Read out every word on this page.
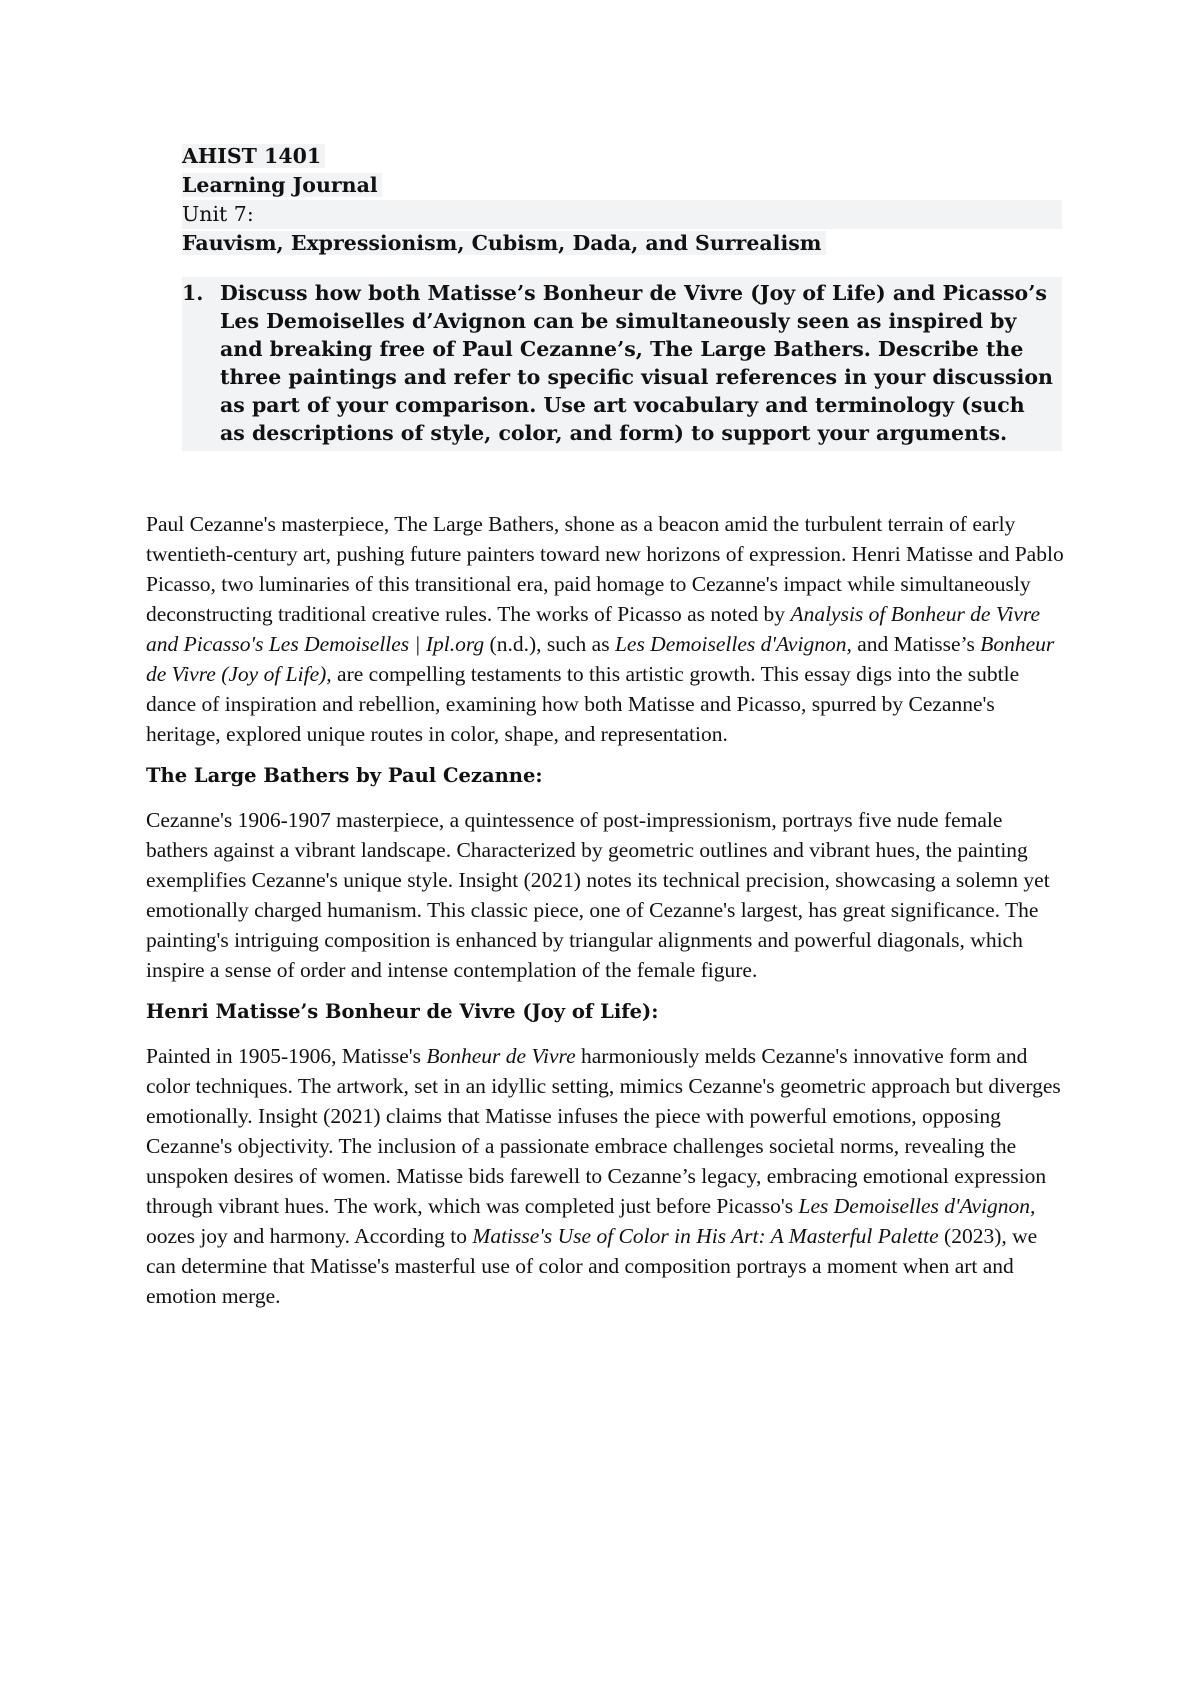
AHIST 1401
Learning Journal
Unit 7:
Fauvism, Expressionism, Cubism, Dada, and Surrealism
1. Discuss how both Matisse’s Bonheur de Vivre (Joy of Life) and Picasso’s Les Demoiselles d’Avignon can be simultaneously seen as inspired by and breaking free of Paul Cezanne’s, The Large Bathers. Describe the three paintings and refer to specific visual references in your discussion as part of your comparison. Use art vocabulary and terminology (such as descriptions of style, color, and form) to support your arguments.

Paul Cezanne's masterpiece, The Large Bathers, shone as a beacon amid the turbulent terrain of early twentieth-century art, pushing future painters toward new horizons of expression. Henri Matisse and Pablo Picasso, two luminaries of this transitional era, paid homage to Cezanne's impact while simultaneously deconstructing traditional creative rules. The works of Picasso as noted by Analysis of Bonheur de Vivre and Picasso's Les Demoiselles | Ipl.org (n.d.), such as Les Demoiselles d'Avignon, and Matisse’s Bonheur de Vivre (Joy of Life), are compelling testaments to this artistic growth. This essay digs into the subtle dance of inspiration and rebellion, examining how both Matisse and Picasso, spurred by Cezanne's heritage, explored unique routes in color, shape, and representation.

The Large Bathers by Paul Cezanne:

Cezanne's 1906-1907 masterpiece, a quintessence of post-impressionism, portrays five nude female bathers against a vibrant landscape. Characterized by geometric outlines and vibrant hues, the painting exemplifies Cezanne's unique style. Insight (2021) notes its technical precision, showcasing a solemn yet emotionally charged humanism. This classic piece, one of Cezanne's largest, has great significance. The painting's intriguing composition is enhanced by triangular alignments and powerful diagonals, which inspire a sense of order and intense contemplation of the female figure.

Henri Matisse’s Bonheur de Vivre (Joy of Life):

Painted in 1905-1906, Matisse's Bonheur de Vivre harmoniously melds Cezanne's innovative form and color techniques. The artwork, set in an idyllic setting, mimics Cezanne's geometric approach but diverges emotionally. Insight (2021) claims that Matisse infuses the piece with powerful emotions, opposing Cezanne's objectivity. The inclusion of a passionate embrace challenges societal norms, revealing the unspoken desires of women. Matisse bids farewell to Cezanne’s legacy, embracing emotional expression through vibrant hues. The work, which was completed just before Picasso's Les Demoiselles d'Avignon, oozes joy and harmony. According to Matisse's Use of Color in His Art: A Masterful Palette (2023), we can determine that Matisse's masterful use of color and composition portrays a moment when art and emotion merge.
